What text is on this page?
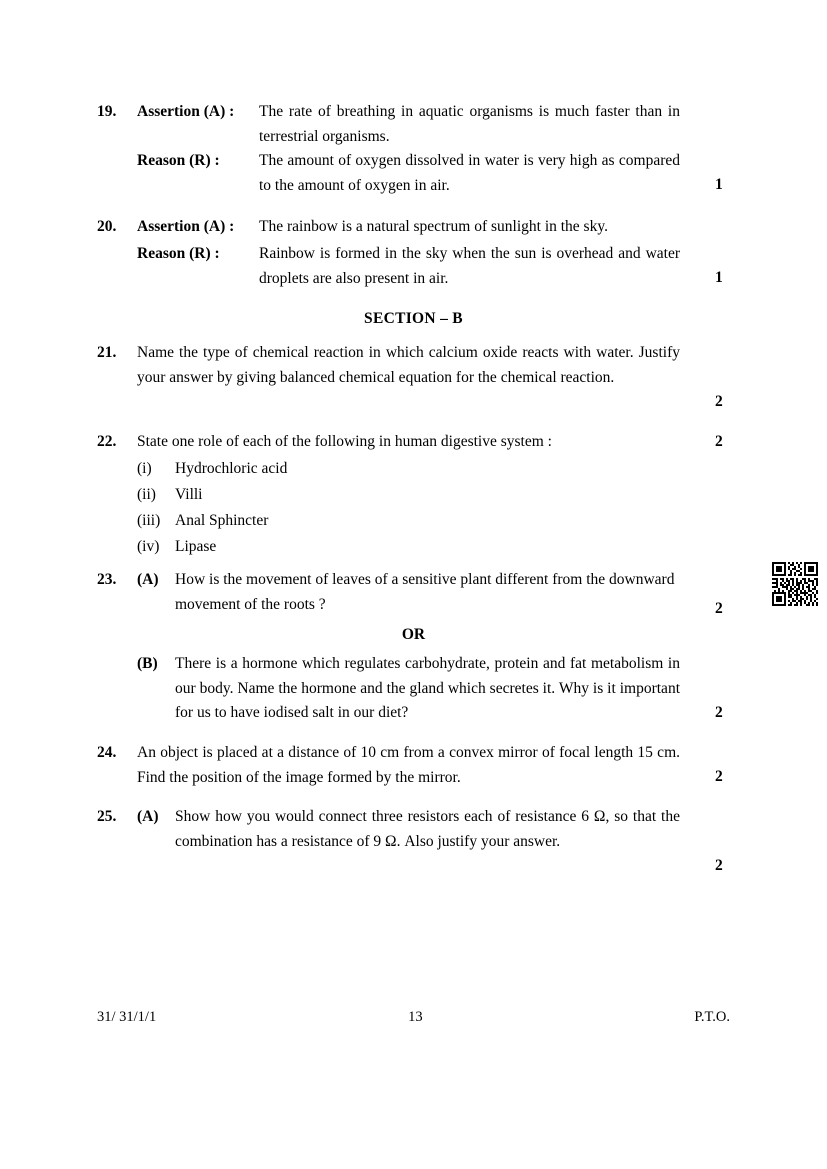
19.	Assertion (A) :	The rate of breathing in aquatic organisms is much faster than in terrestrial organisms.
Reason (R) :	The amount of oxygen dissolved in water is very high as compared to the amount of oxygen in air.	1
20.	Assertion (A) :	The rainbow is a natural spectrum of sunlight in the sky.
Reason (R) :	Rainbow is formed in the sky when the sun is overhead and water droplets are also present in air.	1
SECTION – B
21.	Name the type of chemical reaction in which calcium oxide reacts with water. Justify your answer by giving balanced chemical equation for the chemical reaction.
2
22.	State one role of each of the following in human digestive system :	2
(i)	Hydrochloric acid
(ii)	Villi
(iii) Anal Sphincter
(iv)	Lipase
23.	(A)	How is the movement of leaves of a sensitive plant different from the downward movement of the roots ?	2
OR
(B)	There is a hormone which regulates carbohydrate, protein and fat metabolism in our body. Name the hormone and the gland which secretes it. Why is it important for us to have iodised salt in our diet?	2
24.	An object is placed at a distance of 10 cm from a convex mirror of focal length 15 cm. Find the position of the image formed by the mirror.	2
25.	(A)	Show how you would connect three resistors each of resistance 6 Ω, so that the combination has a resistance of 9 Ω. Also justify your answer.
2
31/ 31/1/1	13	P.T.O.
